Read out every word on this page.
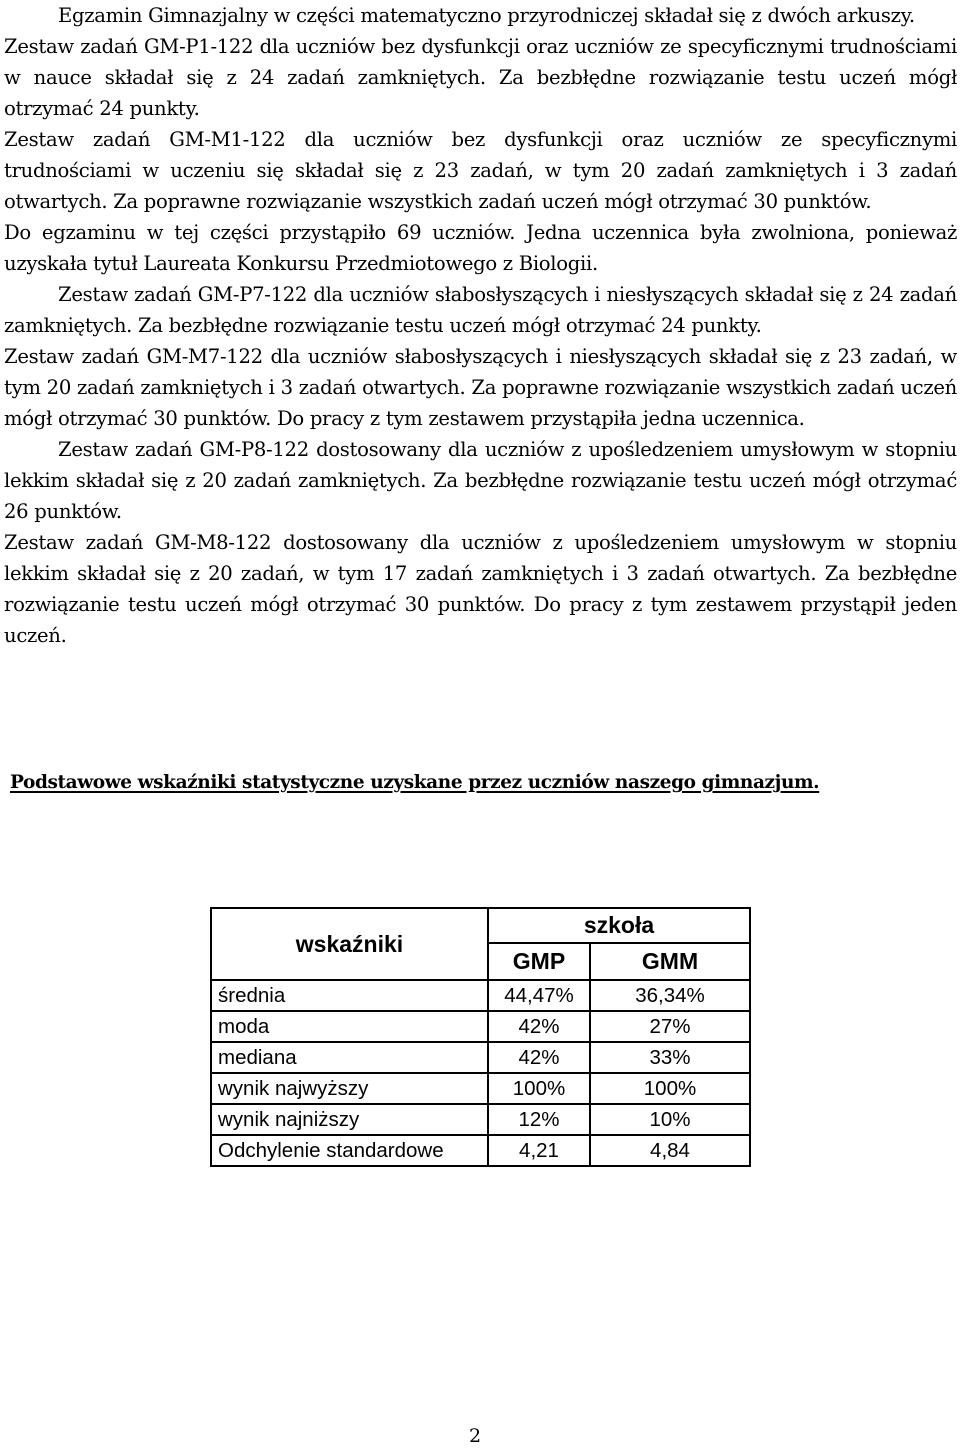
Egzamin Gimnazjalny w części matematyczno przyrodniczej składał się z dwóch arkuszy.

Zestaw zadań GM-P1-122 dla uczniów bez dysfunkcji oraz uczniów ze specyficznymi trudnościami w nauce składał się z 24 zadań zamkniętych. Za bezbłędne rozwiązanie testu uczeń mógł otrzymać 24 punkty.

Zestaw zadań GM-M1-122 dla uczniów bez dysfunkcji oraz uczniów ze specyficznymi trudnościami w uczeniu się składał się z 23 zadań, w tym 20 zadań zamkniętych i 3 zadań otwartych. Za poprawne rozwiązanie wszystkich zadań uczeń mógł otrzymać 30 punktów.

Do egzaminu w tej części przystąpiło 69 uczniów. Jedna uczennica była zwolniona, ponieważ uzyskała tytuł Laureata Konkursu Przedmiotowego z Biologii.

Zestaw zadań GM-P7-122 dla uczniów słabosłyszących i niesłyszących składał się z 24 zadań zamkniętych. Za bezbłędne rozwiązanie testu uczeń mógł otrzymać 24 punkty.

Zestaw zadań GM-M7-122 dla uczniów słabosłyszących i niesłyszących składał się z 23 zadań, w tym 20 zadań zamkniętych i 3 zadań otwartych. Za poprawne rozwiązanie wszystkich zadań uczeń mógł otrzymać 30 punktów. Do pracy z tym zestawem przystąpiła jedna uczennica.

Zestaw zadań GM-P8-122 dostosowany dla uczniów z upośledzeniem umysłowym w stopniu lekkim składał się z 20 zadań zamkniętych. Za bezbłędne rozwiązanie testu uczeń mógł otrzymać 26 punktów.

Zestaw zadań GM-M8-122 dostosowany dla uczniów z upośledzeniem umysłowym w stopniu lekkim składał się z 20 zadań, w tym 17 zadań zamkniętych i 3 zadań otwartych. Za bezbłędne rozwiązanie testu uczeń mógł otrzymać 30 punktów. Do pracy z tym zestawem przystąpił jeden uczeń.

Podstawowe wskaźniki statystyczne uzyskane przez uczniów naszego gimnazjum.
wskaźniki	szkoła	
	GMP	GMM
średnia	44,47%	36,34%
moda	42%	27%
mediana	42%	33%
wynik najwyższy	100%	100%
wynik najniższy	12%	10%
Odchylenie standardowe	4,21	4,84
2
